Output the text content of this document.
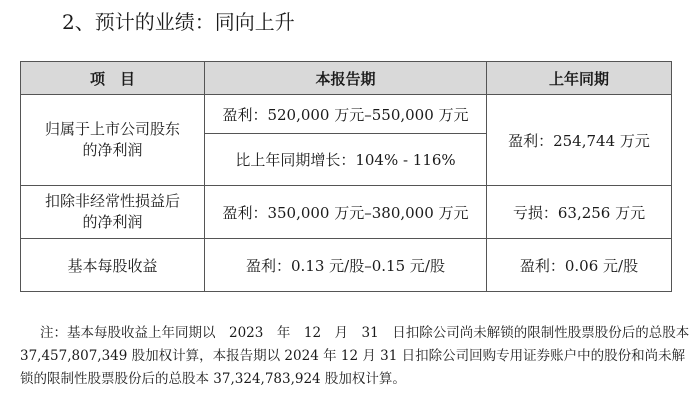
2、预计的业绩：同向上升
项　目	本报告期	上年同期
归属于上市公司股东
的净利润	盈利：520,000 万元–550,000 万元	盈利：254,744 万元
	比上年同期增长：104% - 116%	
扣除非经常性损益后
的净利润	盈利：350,000 万元–380,000 万元	亏损：63,256 万元
基本每股收益	盈利：0.13 元/股–0.15 元/股	盈利：0.06 元/股
注：基本每股收益上年同期以　2023　年　12　月　31　日扣除公司尚未解锁的限制性股票股份后的总股本
37,457,807,349 股加权计算，本报告期以 2024 年 12 月 31 日扣除公司回购专用证券账户中的股份和尚未解
锁的限制性股票股份后的总股本 37,324,783,924 股加权计算。
